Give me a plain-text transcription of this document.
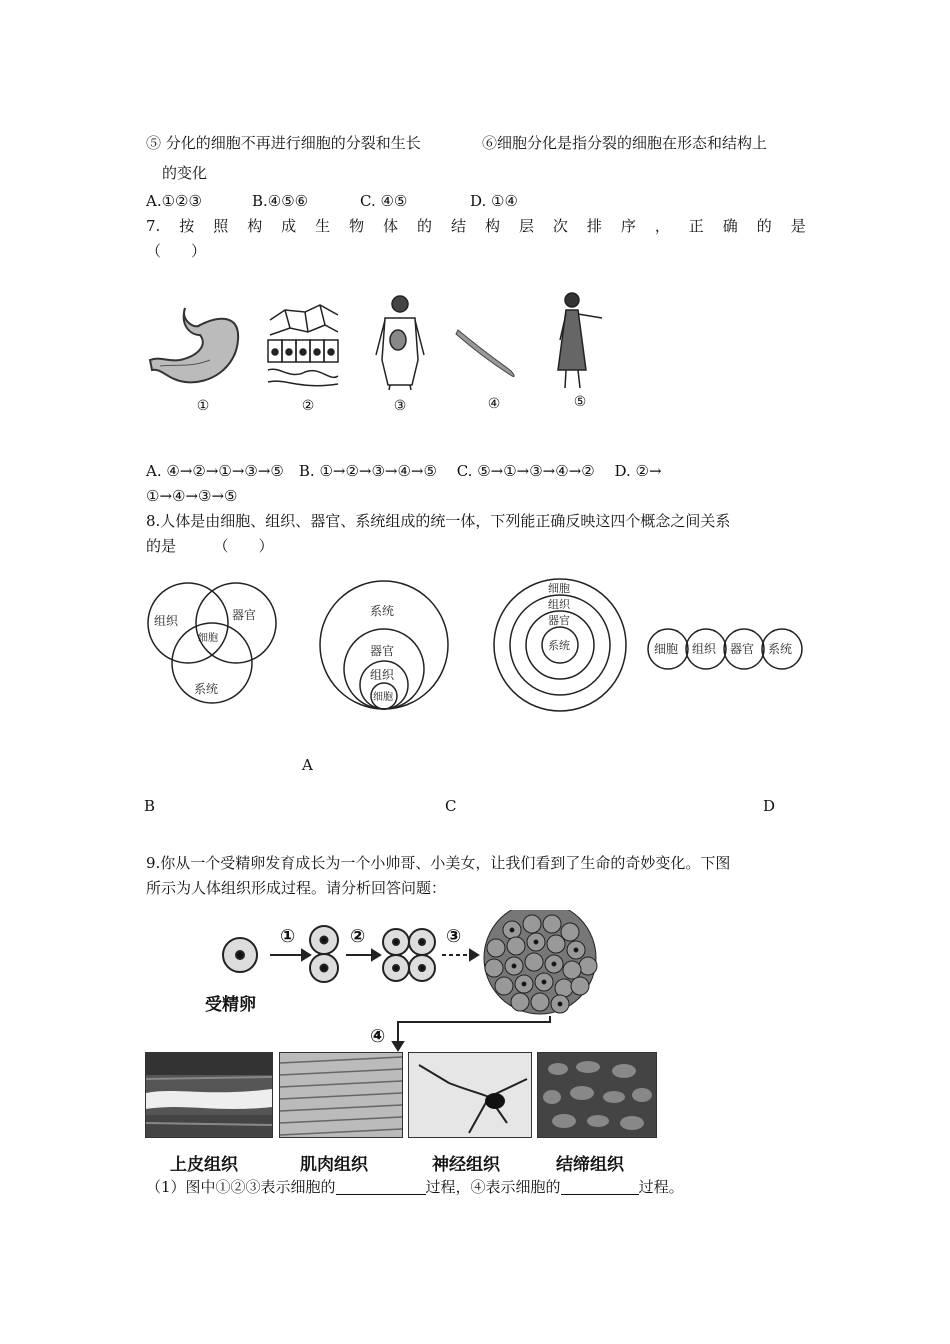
⑤ 分化的细胞不再进行细胞的分裂和生长	⑥细胞分化是指分裂的细胞在形态和结构上
的变化
A.①②③	B.④⑤⑥	C. ④⑤	D. ①④
7. 按 照 构 成 生 物 体 的 结 构 层 次 排 序 ， 正 确 的 是
（　　）
①	②	③	④	⑤
A. ④→②→①→③→⑤　B. ①→②→③→④→⑤　 C. ⑤→①→③→④→②　 D. ②→
①→④→③→⑤
8.人体是由细胞、组织、器官、系统组成的统一体，下列能正确反映这四个概念之间关系
的是　　　（　　）
组织	器官
细胞
系统
系统
器官
组织
细胞
细胞
组织
器官
系统	细胞 组织 器官 系统
A
B	C	D
9.你从一个受精卵发育成长为一个小帅哥、小美女，让我们看到了生命的奇妙变化。下图
所示为人体组织形成过程。请分析回答问题：
①	②	③
④
受精卵
上皮组织	肌肉组织	神经组织	结缔组织
（1）图中①②③表示细胞的	过程，④表示细胞的	过程。
